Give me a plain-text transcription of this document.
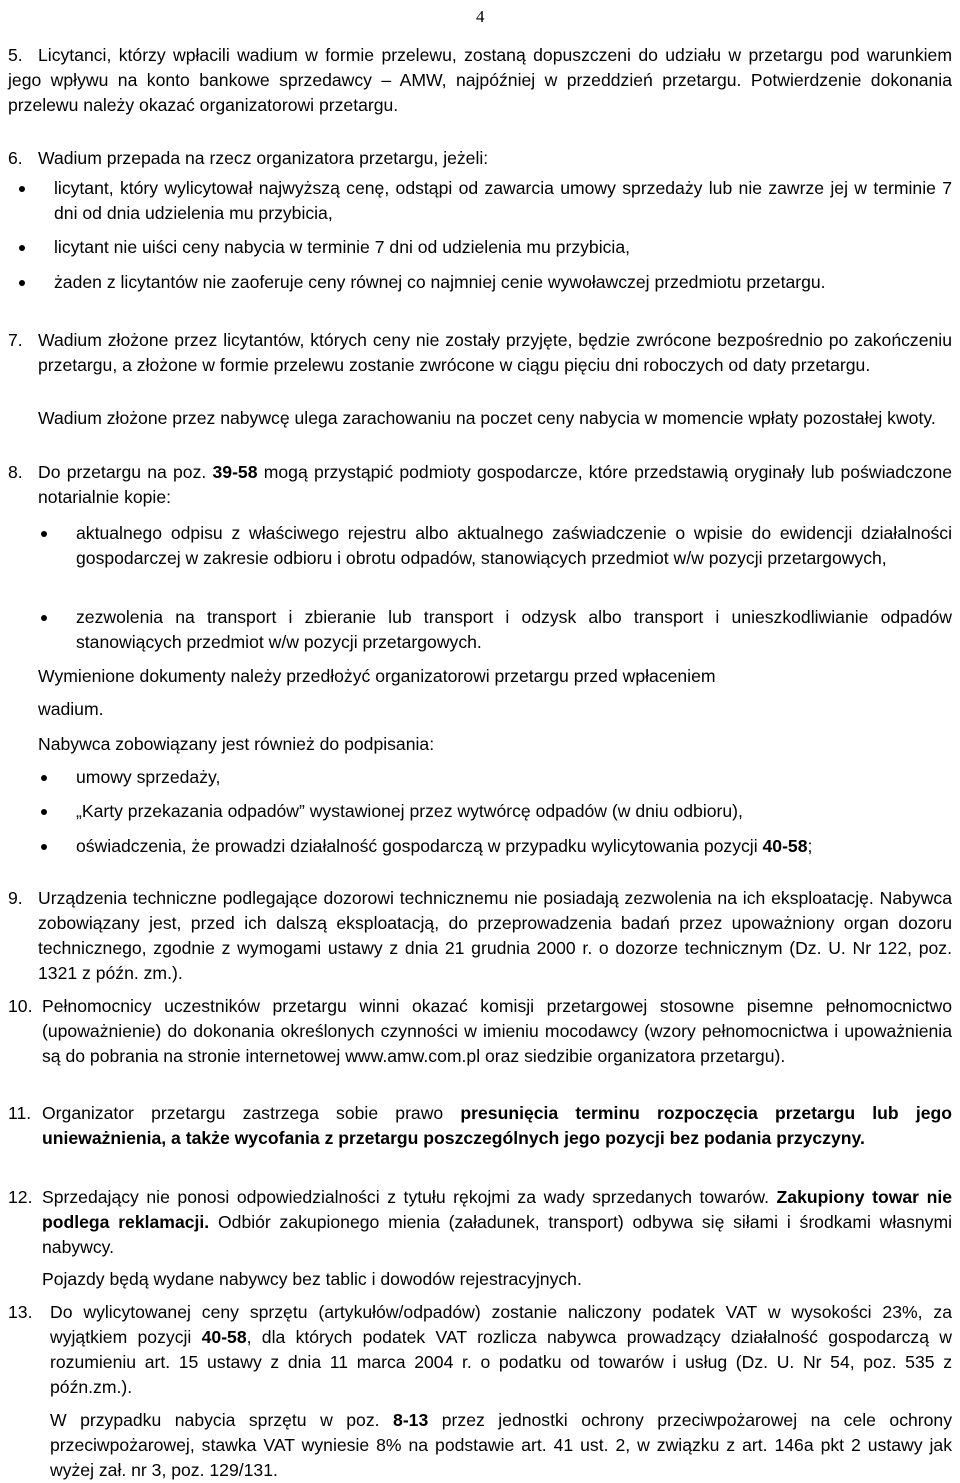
4
5. Licytanci, którzy wpłacili wadium w formie przelewu, zostaną dopuszczeni do udziału w przetargu pod warunkiem jego wpływu na konto bankowe sprzedawcy – AMW, najpóźniej w przeddzień przetargu. Potwierdzenie dokonania przelewu należy okazać organizatorowi przetargu.
6. Wadium przepada na rzecz organizatora przetargu, jeżeli:
licytant, który wylicytował najwyższą cenę, odstąpi od zawarcia umowy sprzedaży lub nie zawrze jej w terminie 7 dni od dnia udzielenia mu przybicia,
licytant nie uiści ceny nabycia w terminie 7 dni od udzielenia mu przybicia,
żaden z licytantów nie zaoferuje ceny równej co najmniej cenie wywoławczej przedmiotu przetargu.
7. Wadium złożone przez licytantów, których ceny nie zostały przyjęte, będzie zwrócone bezpośrednio po zakończeniu przetargu, a złożone w formie przelewu zostanie zwrócone w ciągu pięciu dni roboczych od daty przetargu.
Wadium złożone przez nabywcę ulega zarachowaniu na poczet ceny nabycia w momencie wpłaty pozostałej kwoty.
8. Do przetargu na poz. 39-58 mogą przystąpić podmioty gospodarcze, które przedstawią oryginały lub poświadczone notarialnie kopie:
aktualnego odpisu z właściwego rejestru albo aktualnego zaświadczenie o wpisie do ewidencji działalności gospodarczej w zakresie odbioru i obrotu odpadów, stanowiących przedmiot w/w pozycji przetargowych,
zezwolenia na transport i zbieranie lub transport i odzysk albo transport i unieszkodliwianie odpadów stanowiących przedmiot w/w pozycji przetargowych.
Wymienione dokumenty należy przedłożyć organizatorowi przetargu przed wpłaceniem
wadium.
Nabywca zobowiązany jest również do podpisania:
umowy sprzedaży,
„Karty przekazania odpadów” wystawionej przez wytwórcę odpadów (w dniu odbioru),
oświadczenia, że prowadzi działalność gospodarczą w przypadku wylicytowania pozycji 40-58;
9. Urządzenia techniczne podlegające dozorowi technicznemu nie posiadają zezwolenia na ich eksploatację. Nabywca zobowiązany jest, przed ich dalszą eksploatacją, do przeprowadzenia badań przez upoważniony organ dozoru technicznego, zgodnie z wymogami ustawy z dnia 21 grudnia 2000 r. o dozorze technicznym (Dz. U. Nr 122, poz. 1321 z późn. zm.).
10. Pełnomocnicy uczestników przetargu winni okazać komisji przetargowej stosowne pisemne pełnomocnictwo (upoważnienie) do dokonania określonych czynności w imieniu mocodawcy (wzory pełnomocnictwa i upoważnienia są do pobrania na stronie internetowej www.amw.com.pl oraz siedzibie organizatora przetargu).
11. Organizator przetargu zastrzega sobie prawo presunięcia terminu rozpoczęcia przetargu lub jego unieważnienia, a także wycofania z przetargu poszczególnych jego pozycji bez podania przyczyny.
12. Sprzedający nie ponosi odpowiedzialności z tytułu rękojmi za wady sprzedanych towarów. Zakupiony towar nie podlega reklamacji. Odbiór zakupionego mienia (załadunek, transport) odbywa się siłami i środkami własnymi nabywcy.
Pojazdy będą wydane nabywcy bez tablic i dowodów rejestracyjnych.
13. Do wylicytowanej ceny sprzętu (artykułów/odpadów) zostanie naliczony podatek VAT w wysokości 23%, za wyjątkiem pozycji 40-58, dla których podatek VAT rozlicza nabywca prowadzący działalność gospodarczą w rozumieniu art. 15 ustawy z dnia 11 marca 2004 r. o podatku od towarów i usług (Dz. U. Nr 54, poz. 535 z późn.zm.).
W przypadku nabycia sprzętu w poz. 8-13 przez jednostki ochrony przeciwpożarowej na cele ochrony przeciwpożarowej, stawka VAT wyniesie 8% na podstawie art. 41 ust. 2, w związku z art. 146a pkt 2 ustawy jak wyżej zał. nr 3, poz. 129/131.
